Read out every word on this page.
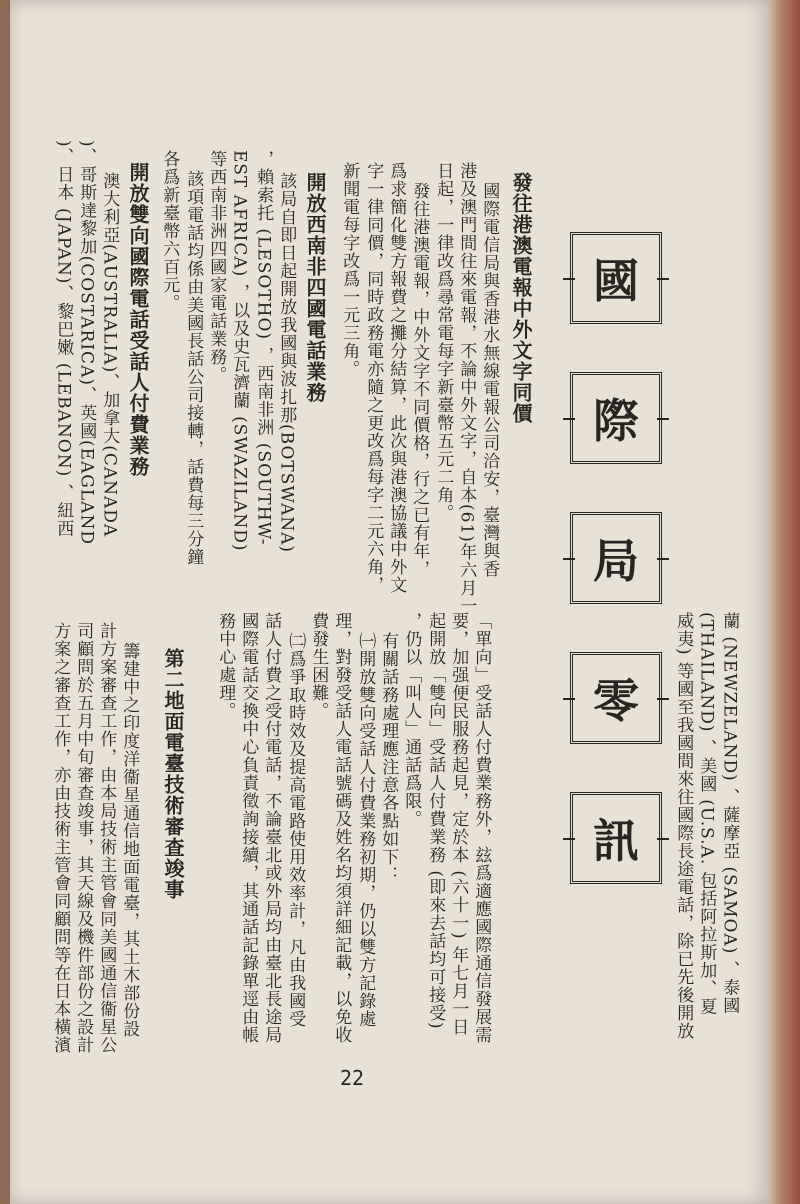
國
際
局
零
訊
發往港澳電報中外文字同價
國際電信局與香港水無線電報公司洽安，臺灣與香
港及澳門間往來電報，不論中外文字，自本(61)年六月一
日起，一律改爲尋常電每字新臺幣五元二角。
發往港澳電報，中外文字不同價格，行之已有年，
爲求簡化雙方報費之攤分結算，此次與港澳協議中外文
字一律同價，同時政務電亦隨之更改爲每字二元六角，
新聞電每字改爲一元三角。
開放西南非四國電話業務
該局自即日起開放我國與波扎那(BOTSWANA)
，賴索托 (LESOTHO) ，西南非洲 (SOUTHW-
EST AFRICA) ，以及史瓦濟蘭 (SWAZILAND)
等西南非洲四國家電話業務。
該項電話均係由美國長話公司接轉，話費每三分鐘
各爲新臺幣六百元。
開放雙向國際電話受話人付費業務
澳大利亞(AUSTRALIA)、加拿大(CANADA
)、哥斯達黎加(COSTARICA)、英國(EAGLAND
)、日本 (JAPAN)、黎巴嫩 (LEBANON) 、紐西
蘭 (NEWZELAND) 、薩摩亞 (SAMOA) 、泰國
(THAILAND) 、美國 (U.S.A. 包括阿拉斯加、夏
威夷) 等國至我國間來往國際長途電話，除已先後開放
「單向」受話人付費業務外，玆爲適應國際通信發展需
要，加强便民服務起見，定於本 (六十一) 年七月一日
起開放「雙向」受話人付費業務 (即來去話均可接受)
，仍以「叫人」通話爲限。
有關話務處理應注意各點如下：
㈠開放雙向受話人付費業務初期，仍以雙方記錄處
理，對發受話人電話號碼及姓名均須詳細記載，以免收
費發生困難。
㈡爲爭取時效及提高電路使用效率計，凡由我國受
話人付費之受付電話，不論臺北或外局均由臺北長途局
國際電話交換中心負責徵詢接續，其通話記錄單逕由帳
務中心處理。
第二地面電臺技術審查竣事
籌建中之印度洋衞星通信地面電臺，其土木部份設
計方案審查工作，由本局技術主管會同美國通信衞星公
司顧問於五月中旬審查竣事，其天線及機件部份之設計
方案之審查工作，亦由技術主管會同顧問等在日本橫濱
22
